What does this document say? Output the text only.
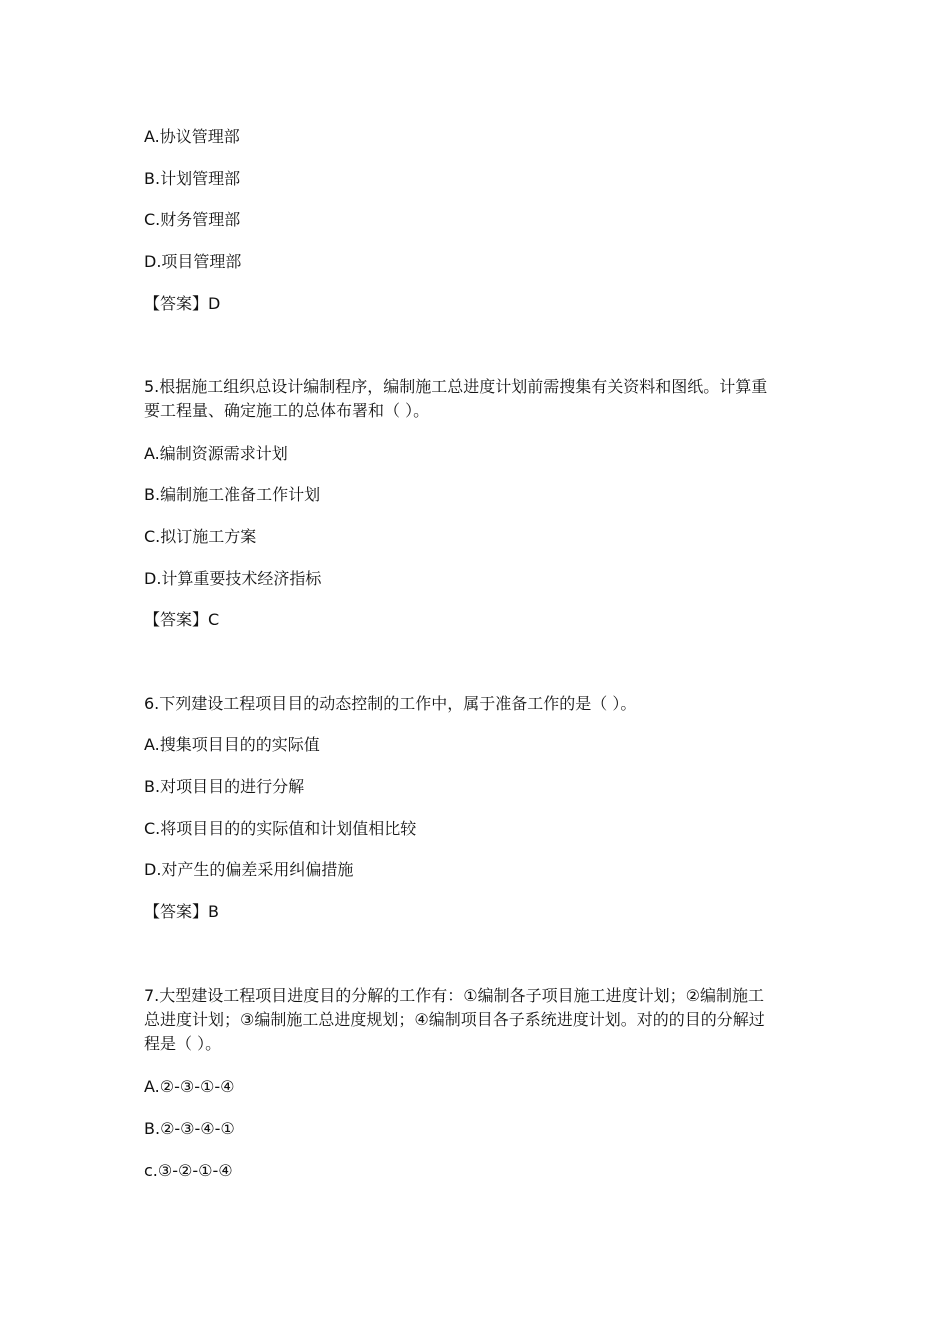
A.协议管理部
B.计划管理部
C.财务管理部
D.项目管理部
【答案】D
5.根据施工组织总设计编制程序，编制施工总进度计划前需搜集有关资料和图纸。计算重
要工程量、确定施工的总体布署和（ ）。
A.编制资源需求计划
B.编制施工准备工作计划
C.拟订施工方案
D.计算重要技术经济指标
【答案】C
6.下列建设工程项目目的动态控制的工作中，属于准备工作的是（ ）。
A.搜集项目目的的实际值
B.对项目目的进行分解
C.将项目目的的实际值和计划值相比较
D.对产生的偏差采用纠偏措施
【答案】B
7.大型建设工程项目进度目的分解的工作有：①编制各子项目施工进度计划；②编制施工
总进度计划；③编制施工总进度规划；④编制项目各子系统进度计划。对的的目的分解过
程是（ ）。
A.②-③-①-④
B.②-③-④-①
c.③-②-①-④
